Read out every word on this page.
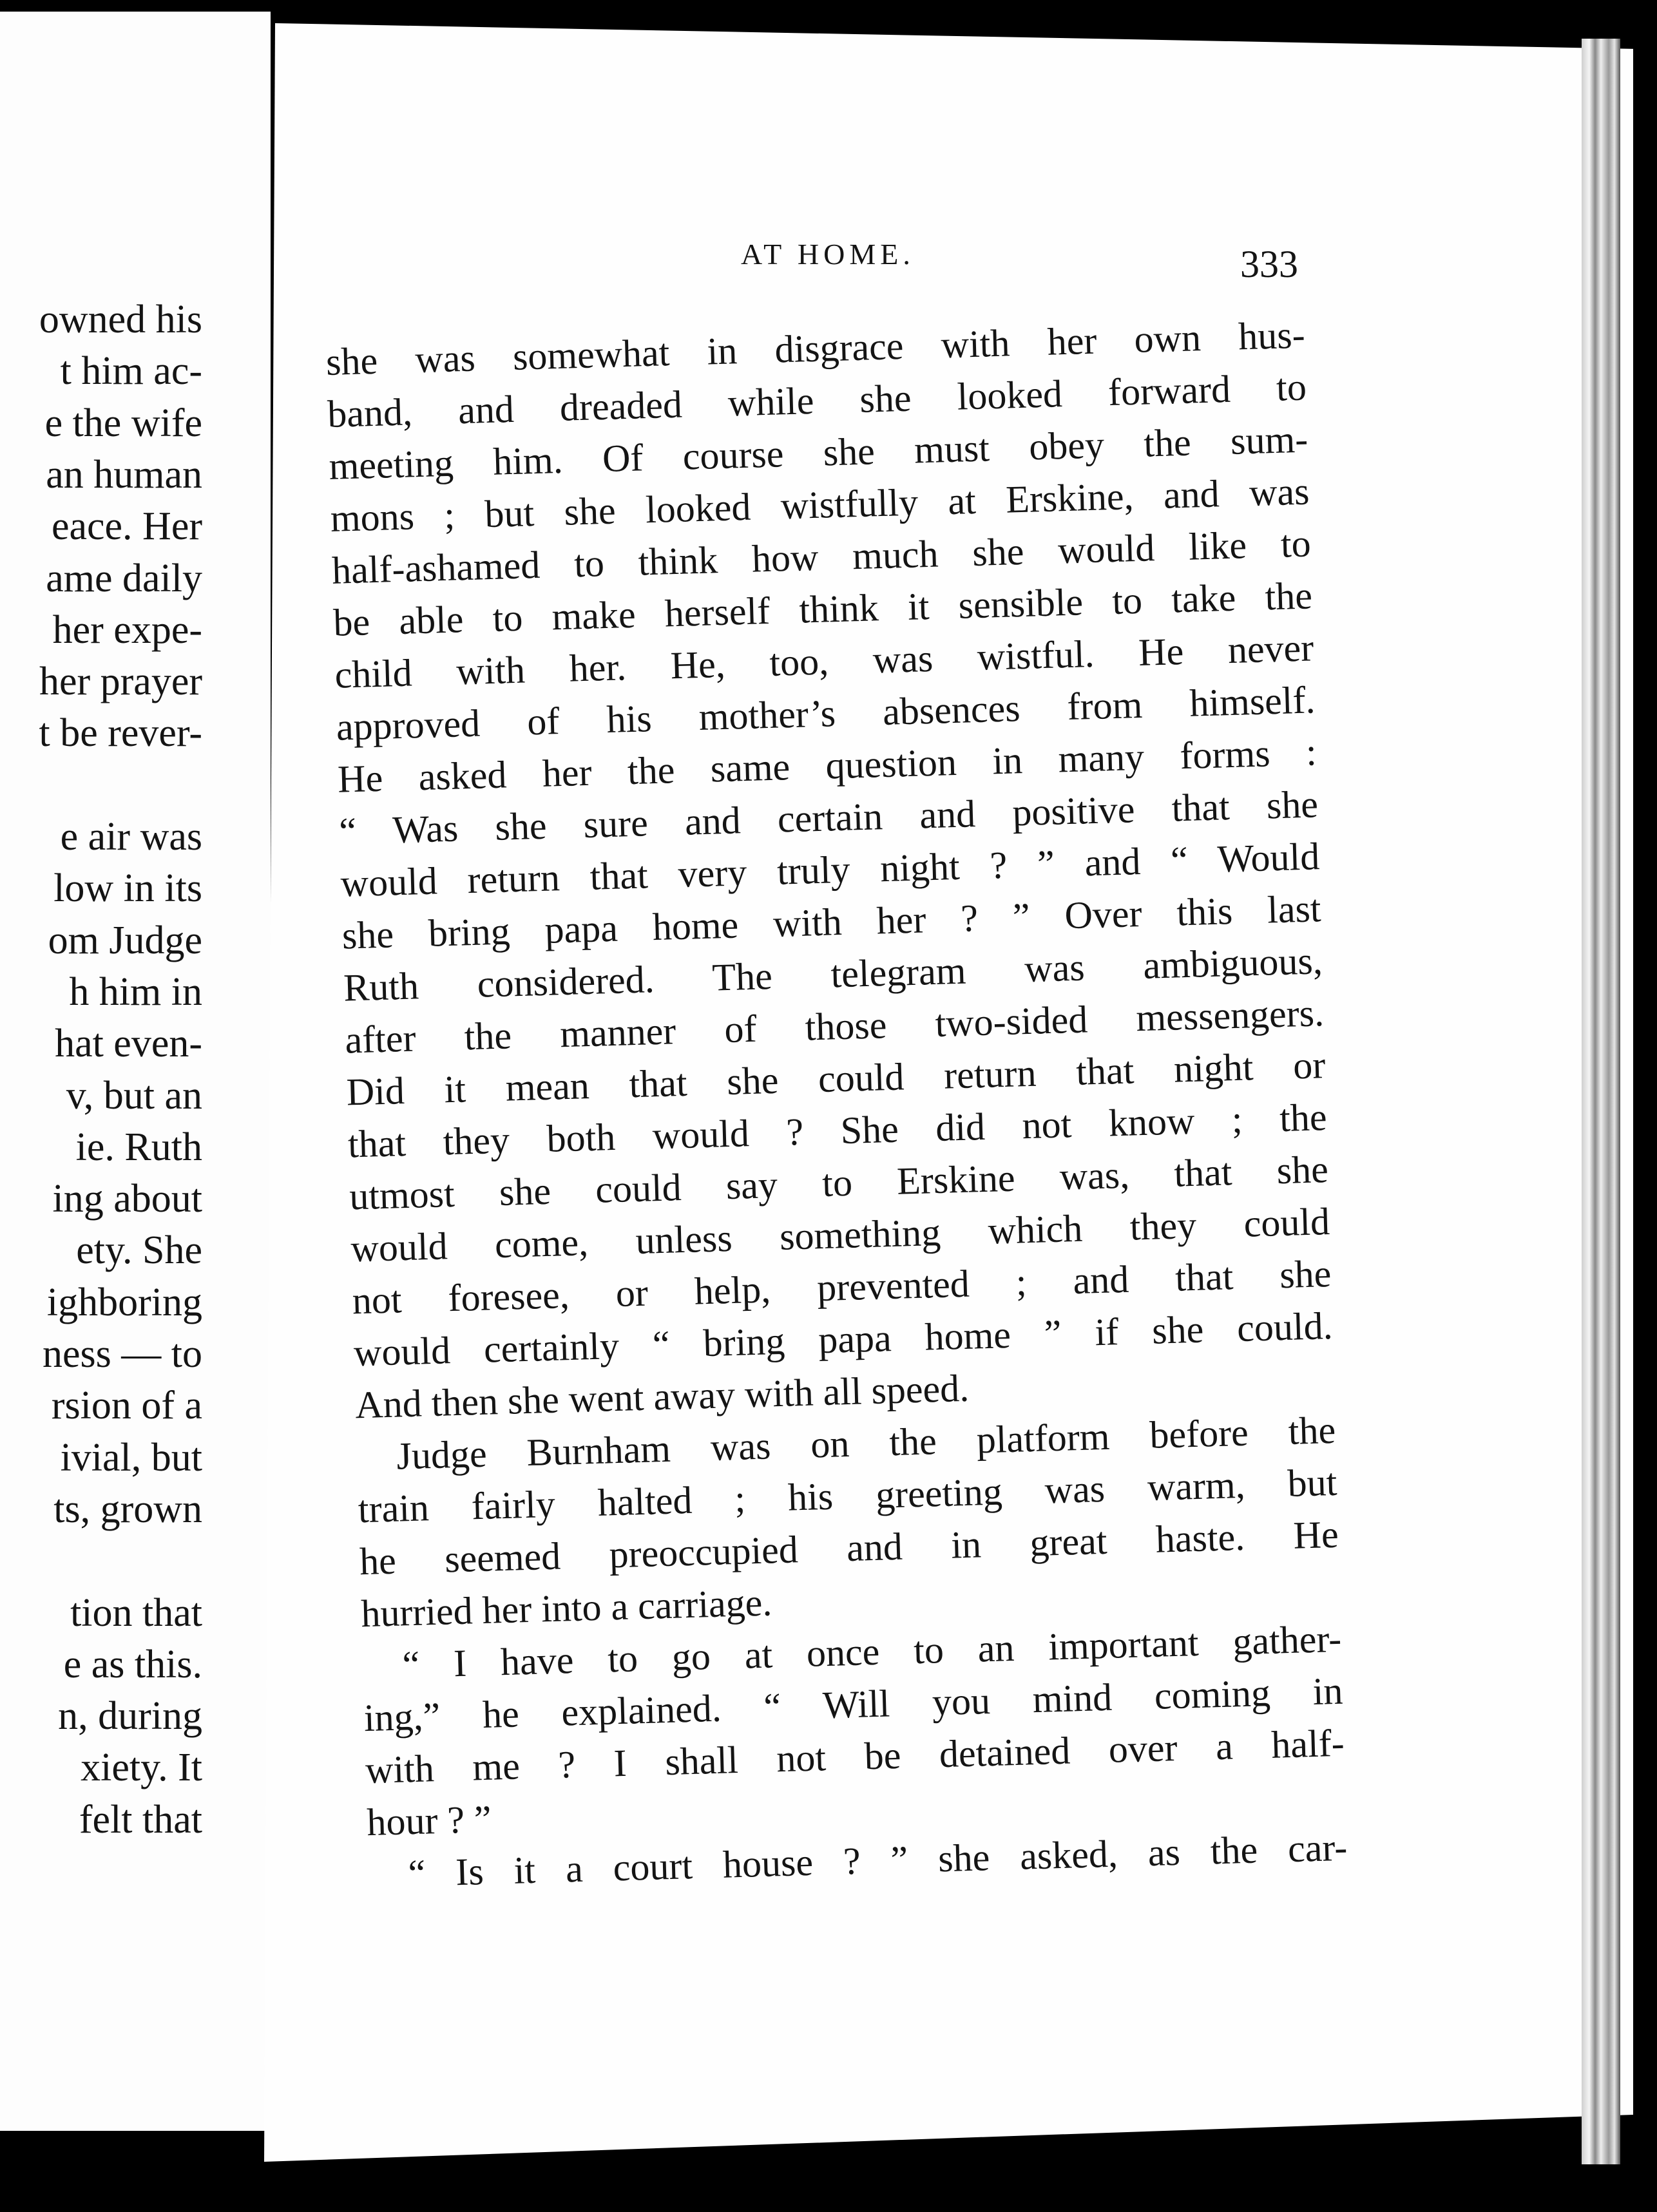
owned his
t him ac-
e the wife
an human
eace. Her
ame daily
her expe-
her prayer
t be rever-
e air was
low in its
om Judge
h him in
hat even-
v, but an
ie. Ruth
ing about
ety. She
ighboring
ness — to
rsion of a
ivial, but
ts, grown
tion that
e as this.
n, during
xiety. It
felt that
AT HOME.	333
she was somewhat in disgrace with her own hus-
band, and dreaded while she looked forward to
meeting him. Of course she must obey the sum-
mons ; but she looked wistfully at Erskine, and was
half-ashamed to think how much she would like to
be able to make herself think it sensible to take the
child with her. He, too, was wistful. He never
approved of his mother’s absences from himself.
He asked her the same question in many forms :
“ Was she sure and certain and positive that she
would return that very truly night ? ” and “ Would
she bring papa home with her ? ” Over this last
Ruth considered. The telegram was ambiguous,
after the manner of those two-sided messengers.
Did it mean that she could return that night or
that they both would ? She did not know ; the
utmost she could say to Erskine was, that she
would come, unless something which they could
not foresee, or help, prevented ; and that she
would certainly “ bring papa home ” if she could.
And then she went away with all speed.
Judge Burnham was on the platform before the
train fairly halted ; his greeting was warm, but
he seemed preoccupied and in great haste. He
hurried her into a carriage.
“ I have to go at once to an important gather-
ing,” he explained. “ Will you mind coming in
with me ? I shall not be detained over a half-
hour ? ”
“ Is it a court house ? ” she asked, as the car-
